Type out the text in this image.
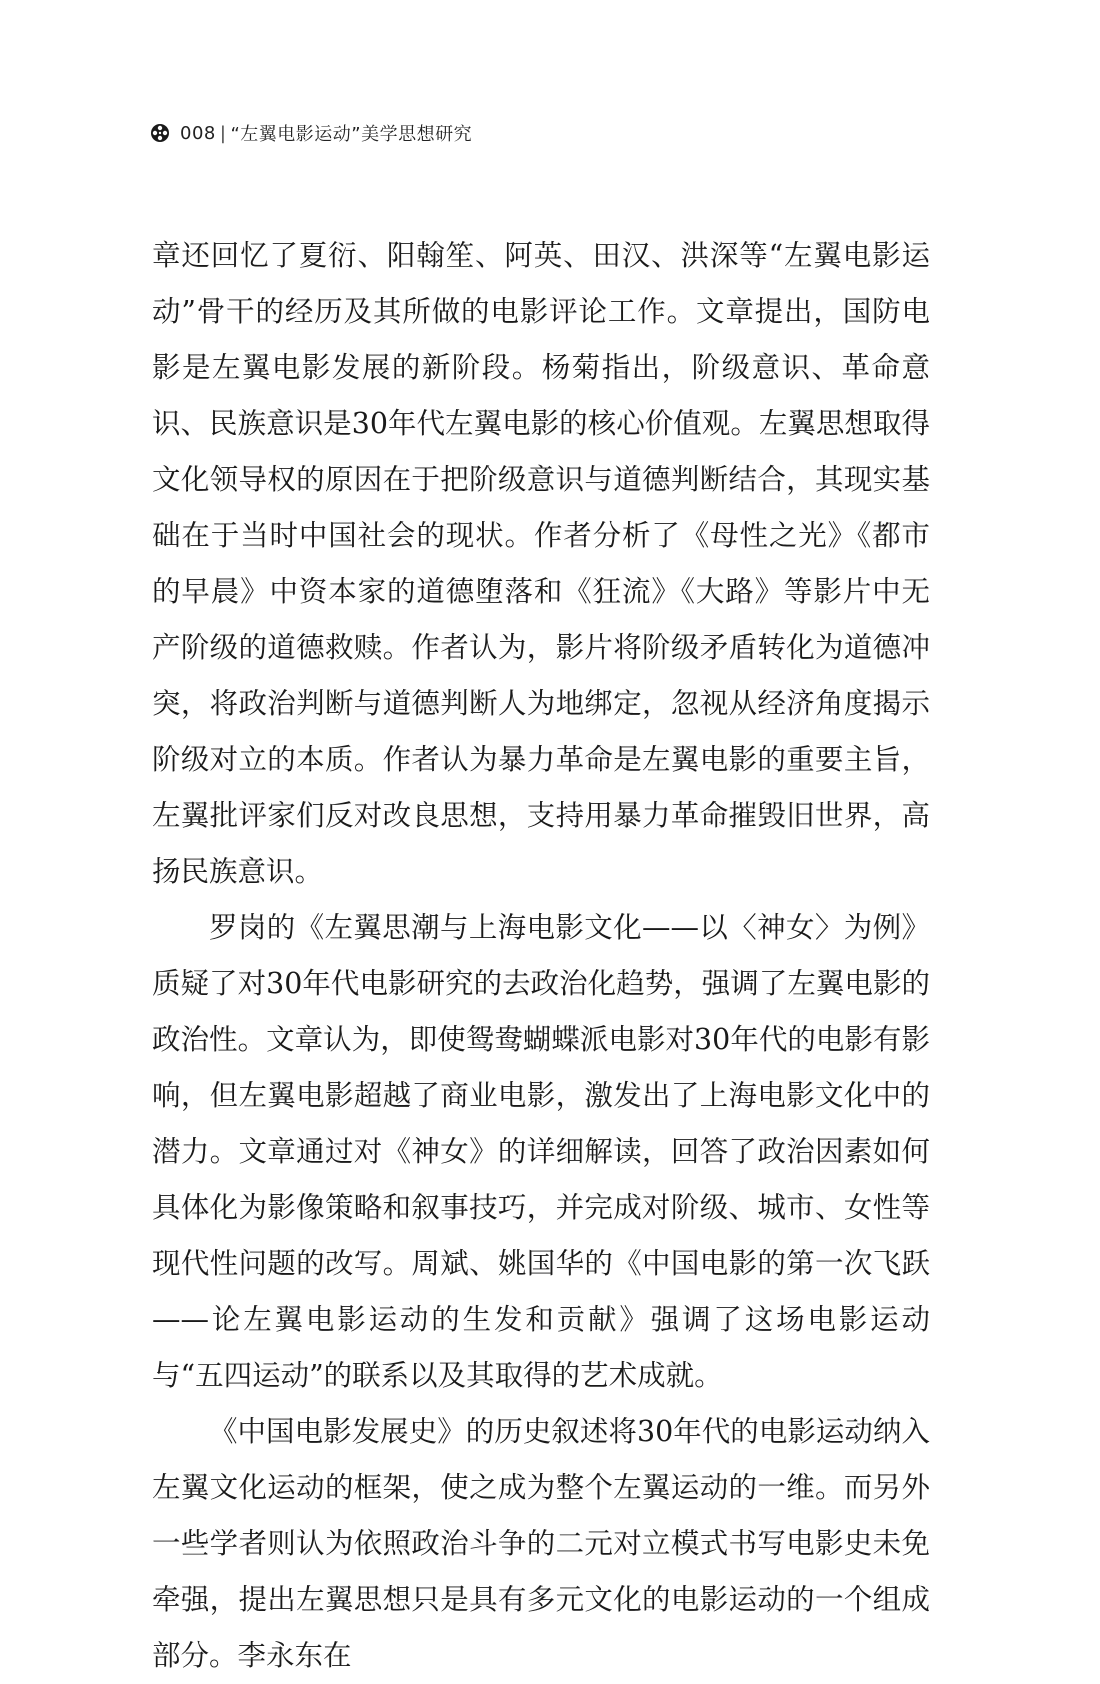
008 | “左翼电影运动”美学思想研究

章还回忆了夏衍、阳翰笙、阿英、田汉、洪深等“左翼电影运动”骨干的经历及其所做的电影评论工作。文章提出，国防电影是左翼电影发展的新阶段。杨菊指出，阶级意识、革命意识、民族意识是30年代左翼电影的核心价值观。左翼思想取得文化领导权的原因在于把阶级意识与道德判断结合，其现实基础在于当时中国社会的现状。作者分析了《母性之光》《都市的早晨》中资本家的道德堕落和《狂流》《大路》等影片中无产阶级的道德救赎。作者认为，影片将阶级矛盾转化为道德冲突，将政治判断与道德判断人为地绑定，忽视从经济角度揭示阶级对立的本质。作者认为暴力革命是左翼电影的重要主旨，左翼批评家们反对改良思想，支持用暴力革命摧毁旧世界，高扬民族意识。

罗岗的《左翼思潮与上海电影文化——以〈神女〉为例》质疑了对30年代电影研究的去政治化趋势，强调了左翼电影的政治性。文章认为，即使鸳鸯蝴蝶派电影对30年代的电影有影响，但左翼电影超越了商业电影，激发出了上海电影文化中的潜力。文章通过对《神女》的详细解读，回答了政治因素如何具体化为影像策略和叙事技巧，并完成对阶级、城市、女性等现代性问题的改写。周斌、姚国华的《中国电影的第一次飞跃——论左翼电影运动的生发和贡献》强调了这场电影运动与“五四运动”的联系以及其取得的艺术成就。

《中国电影发展史》的历史叙述将30年代的电影运动纳入左翼文化运动的框架，使之成为整个左翼运动的一维。而另外一些学者则认为依照政治斗争的二元对立模式书写电影史未免牵强，提出左翼思想只是具有多元文化的电影运动的一个组成部分。李永东在
